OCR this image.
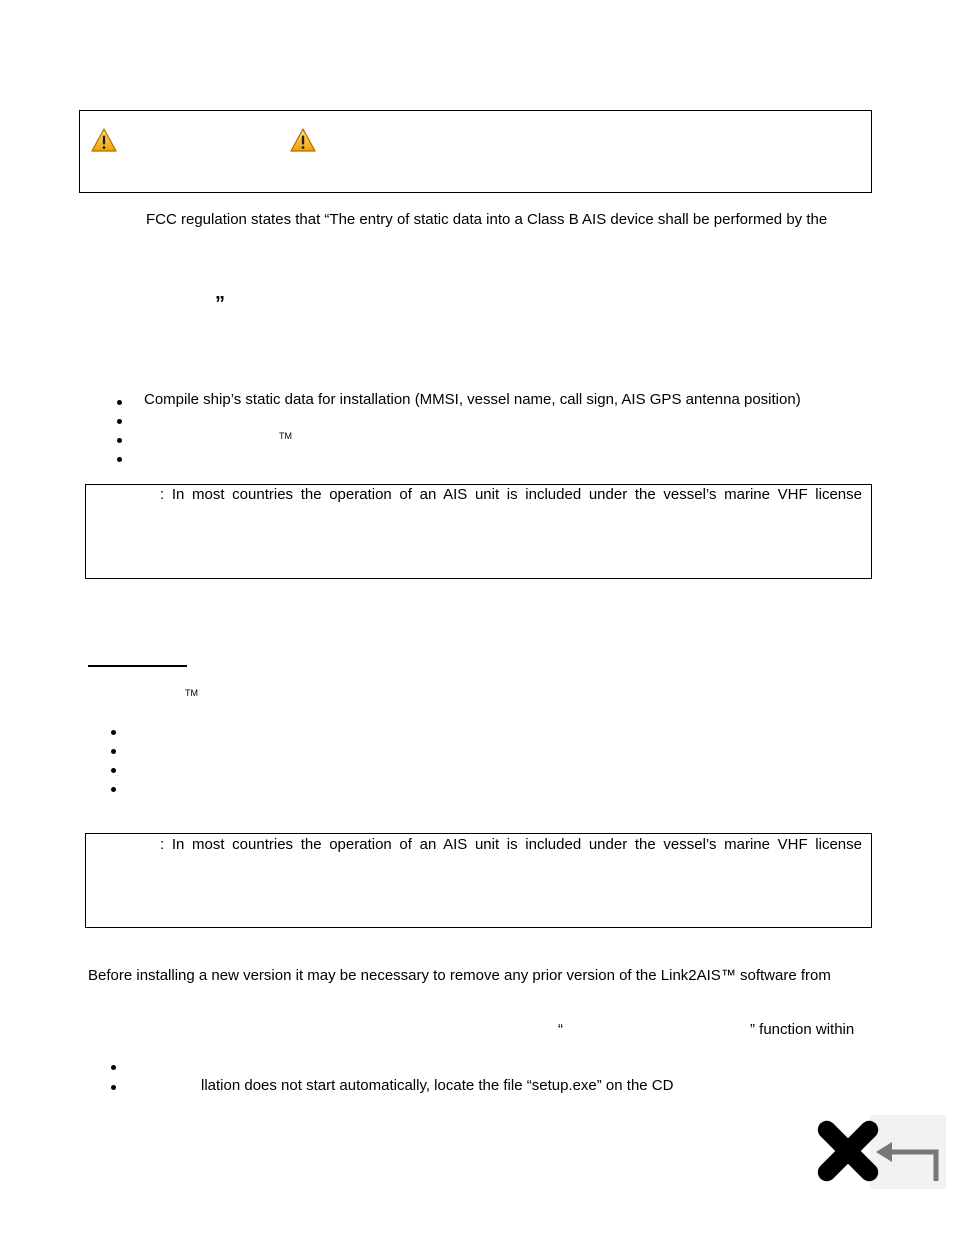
FCC regulation states that “The entry of static data into a Class B AIS device shall be performed by the
”
Compile ship’s static data for installation (MMSI, vessel name, call sign, AIS GPS antenna position)
TM
: In most countries the operation of an AIS unit is included under the vessel’s marine VHF license
TM
: In most countries the operation of an AIS unit is included under the vessel’s marine VHF license
Before installing a new version it may be necessary to remove any prior version of the Link2AIS™ software from
“	” function within
llation does not start automatically, locate the file “setup.exe” on the CD
